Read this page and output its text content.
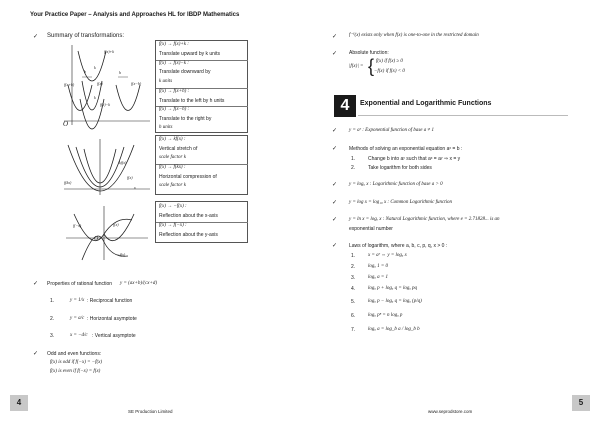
Your Practice Paper – Analysis and Approaches HL for IBDP Mathematics
✓ Summary of transformations:
f(x)+k
f(x+h)	f(x−h)
f(x)−k
h	h
k
k
O
f(x)
f(x) → f(x)+k :
Translate upward by k units
f(x) → f(x)−k :
Translate downward by
k units
f(x) → f(x+h) :
Translate to the left by h units
f(x) → f(x−h) :
Translate to the right by
h units
kf(x)
f(x)
f(kx)
x
f(x) → kf(x) :
Vertical stretch of
scale factor k
f(x) → f(kx) :
Horizontal compression of
scale factor k
f(−x)	f(x)
−f(x)
O
f(x) → −f(x) :
Reflection about the x-axis
f(x) → f(−x) :
Reflection about the y-axis
✓ Properties of rational function y = (ax+b)/(cx+d)
1.	y = 1/x : Reciprocal function
2.	y = a/c : Horizontal asymptote
3.	x = −d/c : Vertical asymptote
✓ Odd and even functions:
f(x) is odd if f(−x) = −f(x)
f(x) is even if f(−x) = f(x)
✓ f⁻¹(x) exists only when f(x) is one-to-one in the restricted domain
✓ Absolute function:
|f(x)| = { f(x) if f(x) ≥ 0
−f(x) if f(x) < 0
4	Exponential and Logarithmic Functions
✓ y = aˣ : Exponential function of base a ≠ 1
✓ Methods of solving an exponential equation aˣ = b :
1.	Change b into aʸ such that aˣ = aʸ ⇒ x = y
2.	Take logarithm for both sides
✓ y = logₐ x : Logarithmic function of base a > 0
✓ y = log x = log₁₀ x : Common Logarithmic function
✓ y = ln x = logₑ x : Natural Logarithmic function, where e = 2.71828... is an
exponential number
✓ Laws of logarithm, where a, b, c, p, q, x > 0 :
1.	x = aʸ ⇔ y = logₐ x
2.	logₐ 1 = 0
3.	logₐ a = 1
4.	logₐ p + logₐ q = logₐ pq
5.	logₐ p − logₐ q = logₐ (p/q)
6.	logₐ pⁿ = n logₐ p
7.	logₐ a = log_b a / log_b b
4
SE Production Limited	www.seprodstore.com
5
